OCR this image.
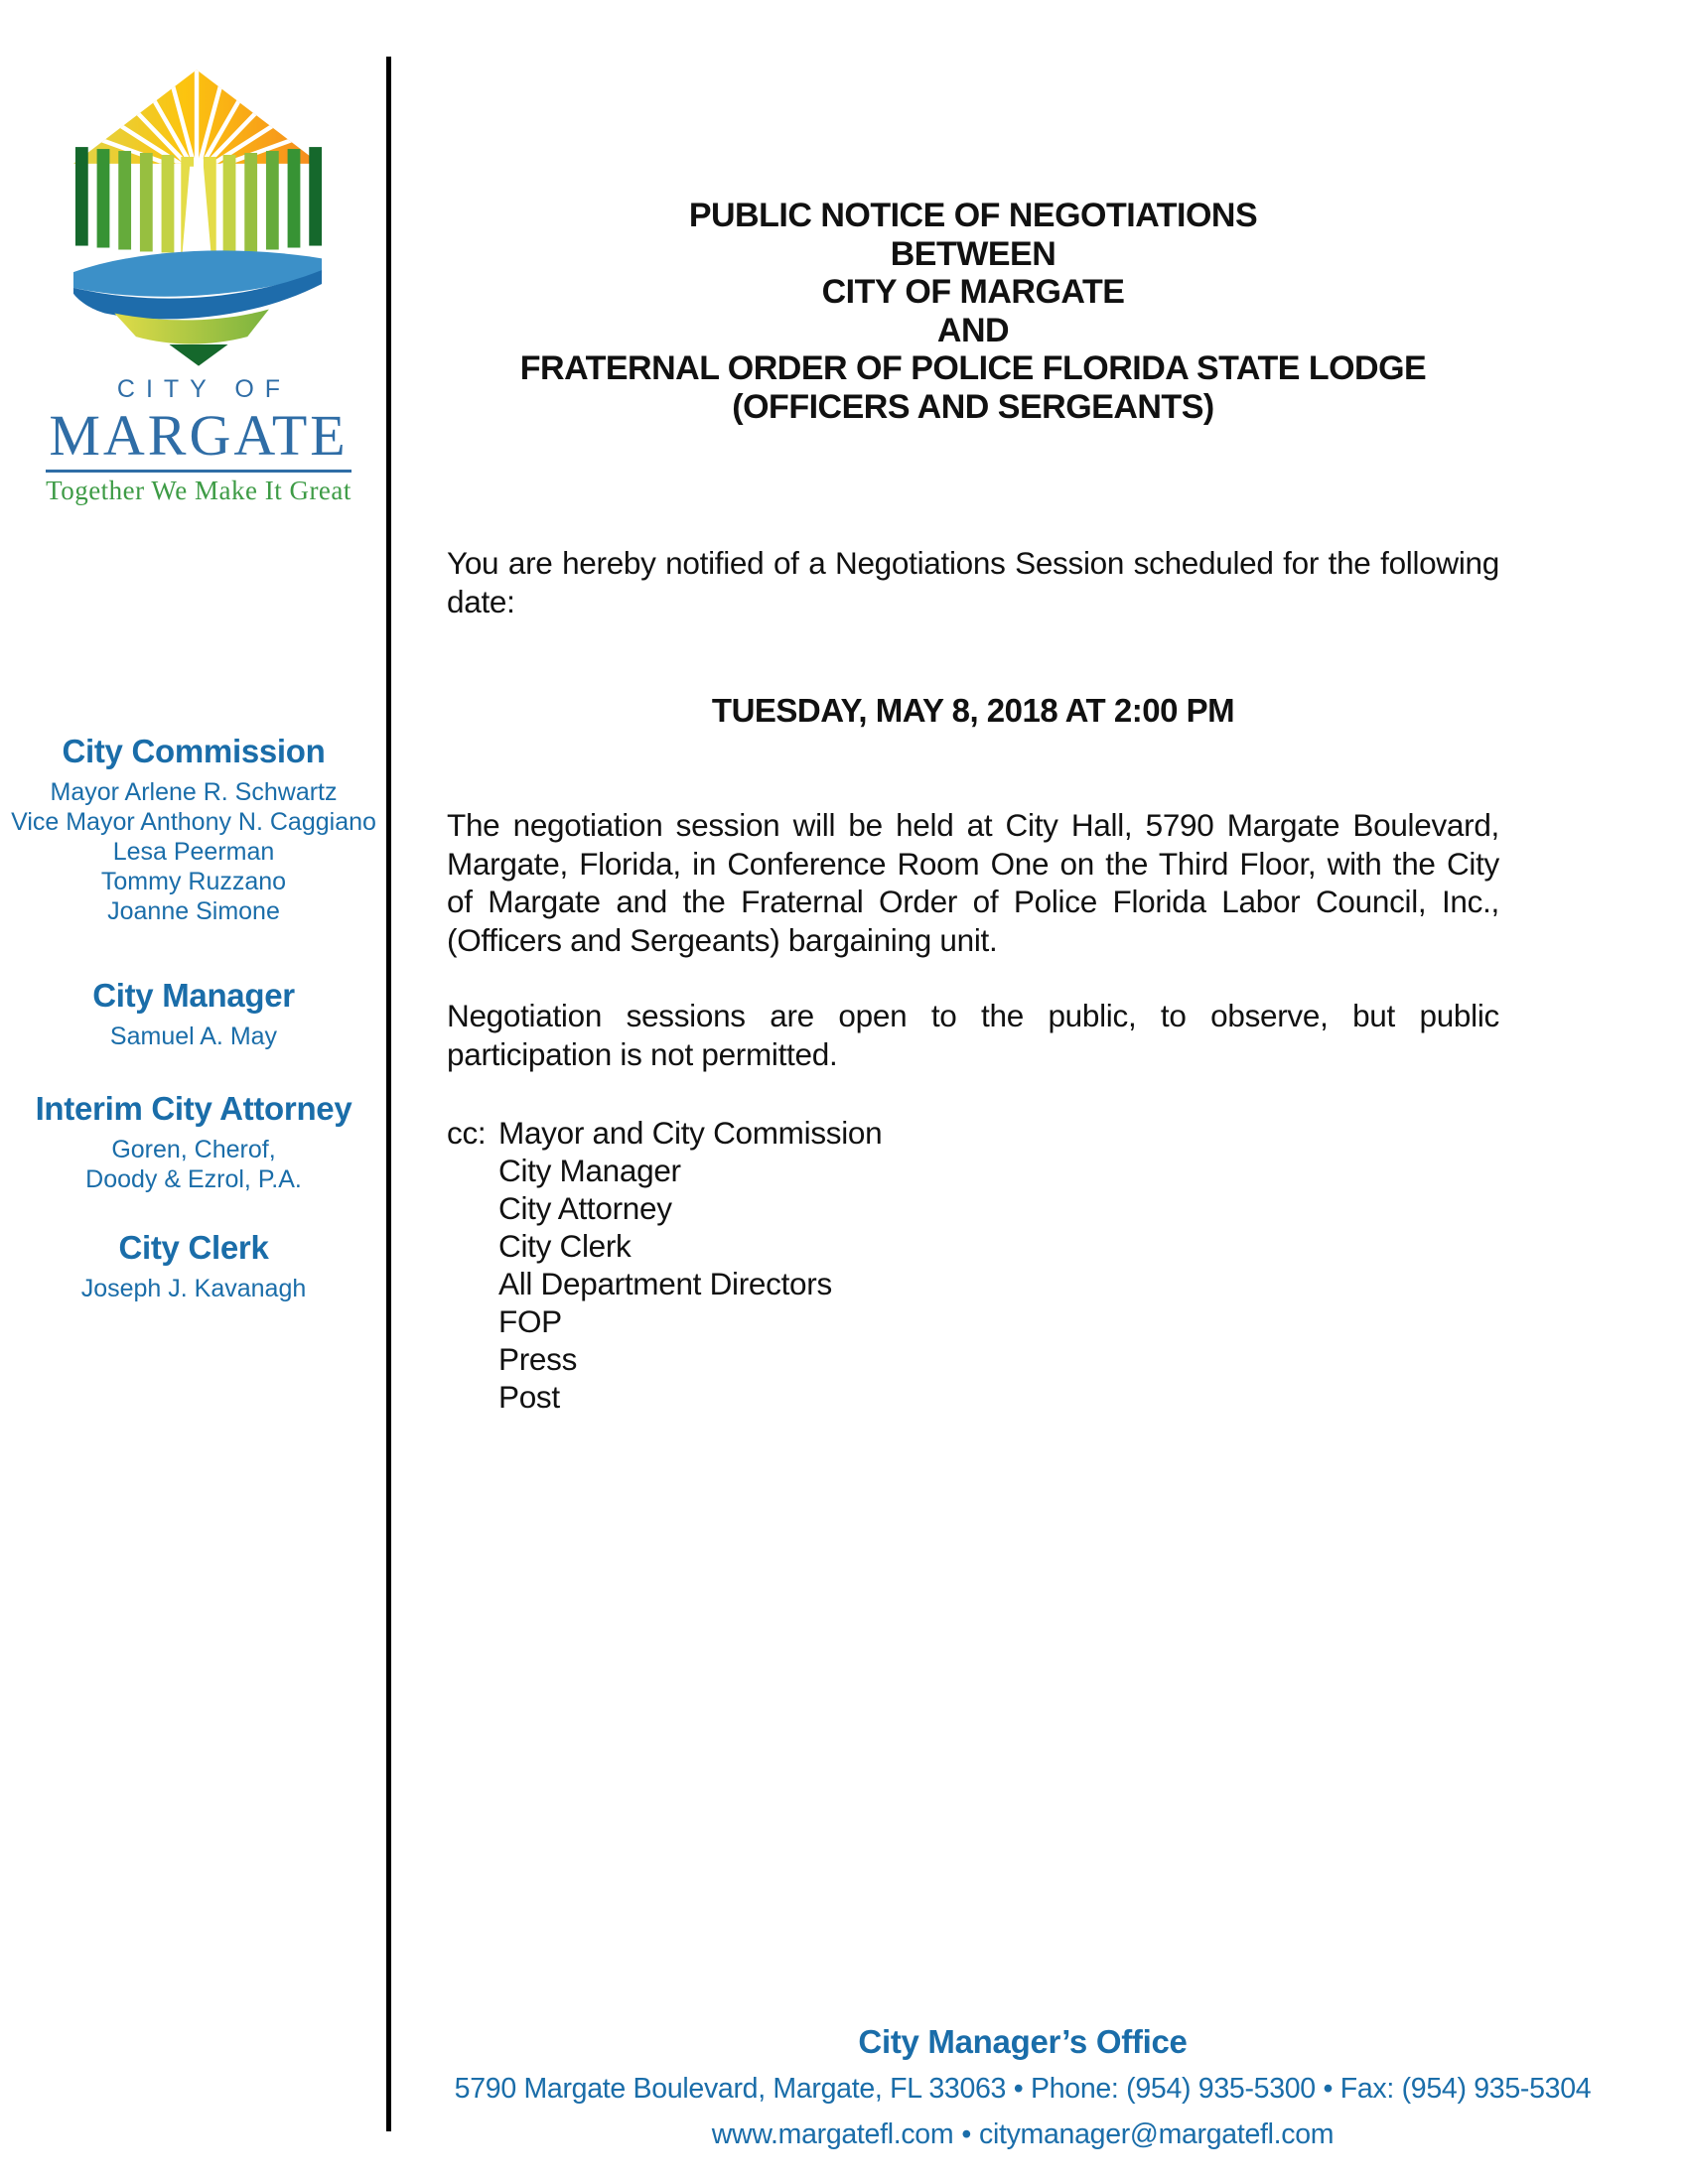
CITY OF
MARGATE
Together We Make It Great
City Commission
Mayor Arlene R. Schwartz
Vice Mayor Anthony N. Caggiano
Lesa Peerman
Tommy Ruzzano
Joanne Simone
City Manager
Samuel A. May
Interim City Attorney
Goren, Cherof,
Doody & Ezrol, P.A.
City Clerk
Joseph J. Kavanagh
PUBLIC NOTICE OF NEGOTIATIONS
BETWEEN
CITY OF MARGATE
AND
FRATERNAL ORDER OF POLICE FLORIDA STATE LODGE
(OFFICERS AND SERGEANTS)

You are hereby notified of a Negotiations Session scheduled for the following date:

TUESDAY, MAY 8, 2018 AT 2:00 PM

The negotiation session will be held at City Hall, 5790 Margate Boulevard, Margate, Florida, in Conference Room One on the Third Floor, with the City of Margate and the Fraternal Order of Police Florida Labor Council, Inc., (Officers and Sergeants) bargaining unit.

Negotiation sessions are open to the public, to observe, but public participation is not permitted.

cc: Mayor and City Commission
City Manager
City Attorney
City Clerk
All Department Directors
FOP
Press
Post
City Manager’s Office
5790 Margate Boulevard, Margate, FL 33063 • Phone: (954) 935-5300 • Fax: (954) 935-5304
www.margatefl.com • citymanager@margatefl.com
